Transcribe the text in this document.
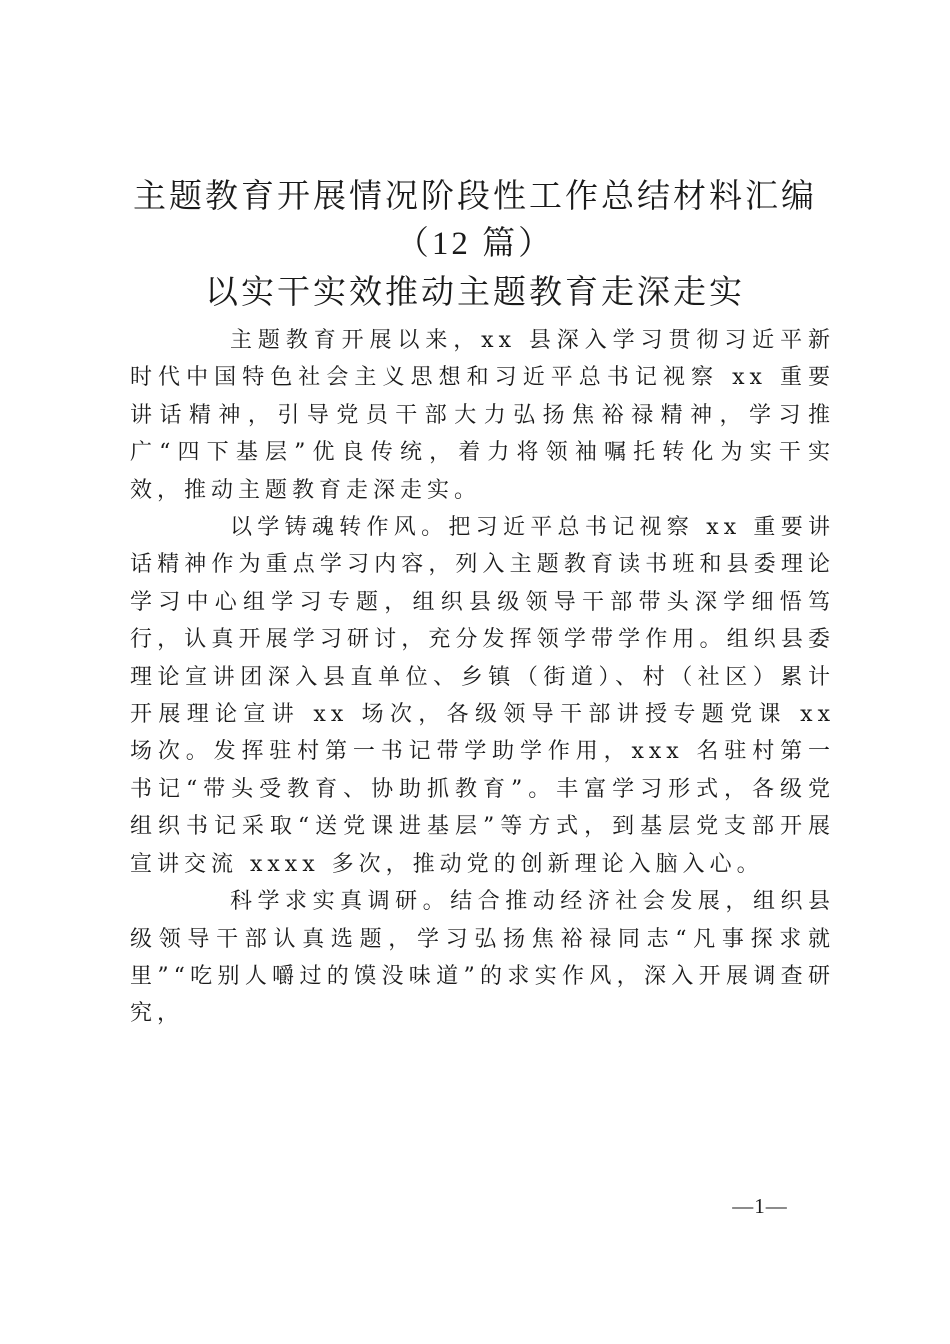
主题教育开展情况阶段性工作总结材料汇编
（12 篇）
以实干实效推动主题教育走深走实

主题教育开展以来，xx 县深入学习贯彻习近平新时代中国特色社会主义思想和习近平总书记视察 xx 重要讲话精神，引导党员干部大力弘扬焦裕禄精神，学习推广“四下基层”优良传统，着力将领袖嘱托转化为实干实效，推动主题教育走深走实。

以学铸魂转作风。把习近平总书记视察 xx 重要讲话精神作为重点学习内容，列入主题教育读书班和县委理论学习中心组学习专题，组织县级领导干部带头深学细悟笃行，认真开展学习研讨，充分发挥领学带学作用。组织县委理论宣讲团深入县直单位、乡镇（街道）、村（社区）累计开展理论宣讲 xx 场次，各级领导干部讲授专题党课 xx 场次。发挥驻村第一书记带学助学作用，xxx 名驻村第一书记“带头受教育、协助抓教育”。丰富学习形式，各级党组织书记采取“送党课进基层”等方式，到基层党支部开展宣讲交流 xxxx 多次，推动党的创新理论入脑入心。

科学求实真调研。结合推动经济社会发展，组织县级领导干部认真选题，学习弘扬焦裕禄同志“凡事探求就里”“吃别人嚼过的馍没味道”的求实作风，深入开展调查研究，

—1—
